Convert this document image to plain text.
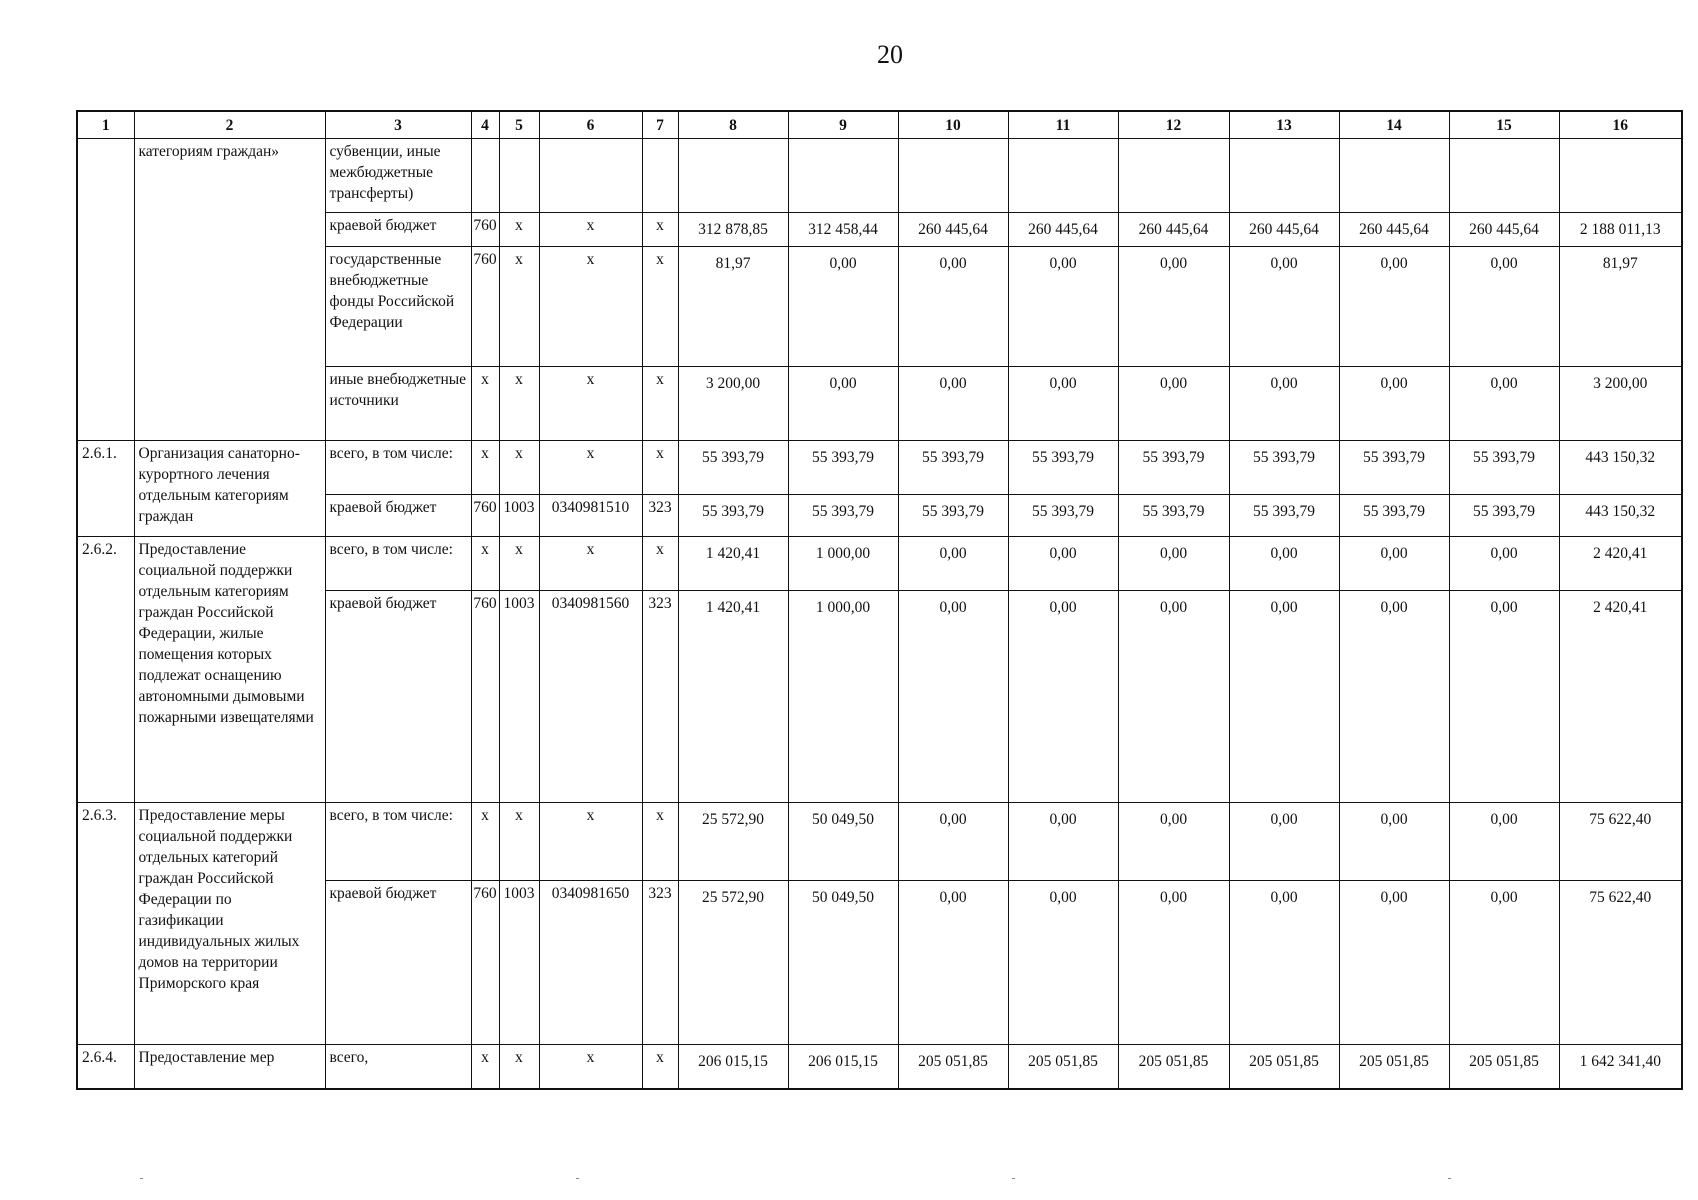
20
1	2	3	4	5	6	7	8	9	10	11	12	13	14	15	16
	категориям граждан»	субвенции, иные межбюджетные трансферты)													
		краевой бюджет	760	x	x	x	312 878,85	312 458,44	260 445,64	260 445,64	260 445,64	260 445,64	260 445,64	260 445,64	2 188 011,13
		государственные внебюджетные фонды Российской Федерации	760	x	x	x	81,97	0,00	0,00	0,00	0,00	0,00	0,00	0,00	81,97
		иные внебюджетные источники	x	x	x	x	3 200,00	0,00	0,00	0,00	0,00	0,00	0,00	0,00	3 200,00
2.6.1.	Организация санаторно-курортного лечения отдельным категориям граждан	всего, в том числе:	x	x	x	x	55 393,79	55 393,79	55 393,79	55 393,79	55 393,79	55 393,79	55 393,79	55 393,79	443 150,32
		краевой бюджет	760	1003	0340981510	323	55 393,79	55 393,79	55 393,79	55 393,79	55 393,79	55 393,79	55 393,79	55 393,79	443 150,32
2.6.2.	Предоставление социальной поддержки отдельным категориям граждан Российской Федерации, жилые помещения которых подлежат оснащению автономными дымовыми пожарными извещателями	всего, в том числе:	x	x	x	x	1 420,41	1 000,00	0,00	0,00	0,00	0,00	0,00	0,00	2 420,41
		краевой бюджет	760	1003	0340981560	323	1 420,41	1 000,00	0,00	0,00	0,00	0,00	0,00	0,00	2 420,41
2.6.3.	Предоставление меры социальной поддержки отдельных категорий граждан Российской Федерации по газификации индивидуальных жилых домов на территории Приморского края	всего, в том числе:	x	x	x	x	25 572,90	50 049,50	0,00	0,00	0,00	0,00	0,00	0,00	75 622,40
		краевой бюджет	760	1003	0340981650	323	25 572,90	50 049,50	0,00	0,00	0,00	0,00	0,00	0,00	75 622,40
2.6.4.	Предоставление мер	всего,	x	x	x	x	206 015,15	206 015,15	205 051,85	205 051,85	205 051,85	205 051,85	205 051,85	205 051,85	1 642 341,40
